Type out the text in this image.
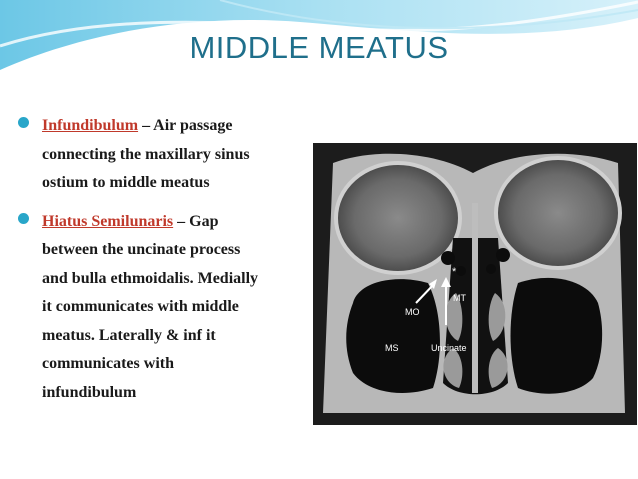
MIDDLE MEATUS
Infundibulum – Air passage
connecting the maxillary sinus
ostium to middle meatus
Hiatus Semilunaris – Gap
between the uncinate process
and bulla ethmoidalis. Medially
it communicates with middle
meatus. Laterally & inf it
communicates with
infundibulum
MO
MT
MS	Uncinate
*
